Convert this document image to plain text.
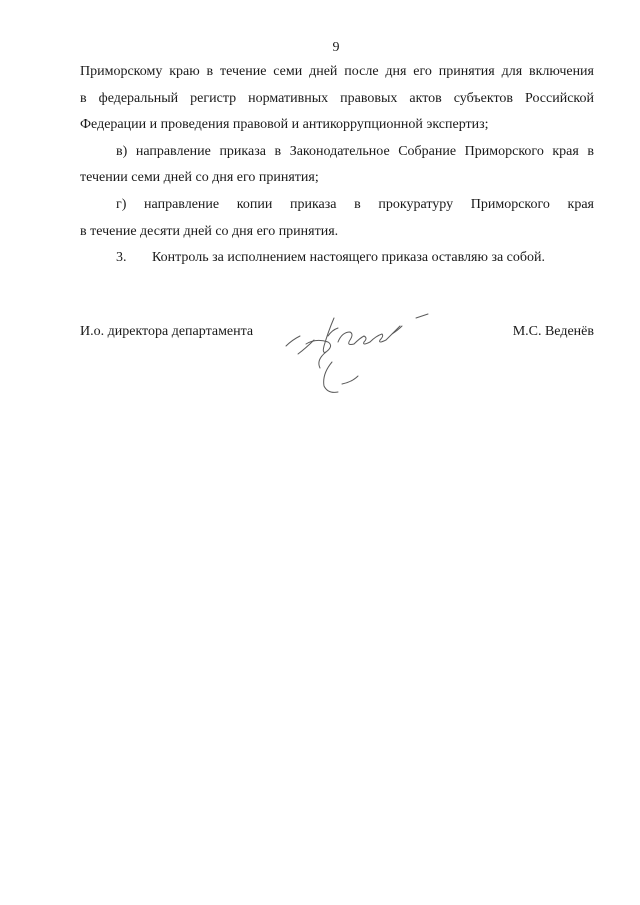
9

Приморскому краю в течение семи дней после дня его принятия для включения
в федеральный регистр нормативных правовых актов субъектов Российской
Федерации и проведения правовой и антикоррупционной экспертиз;

в) направление приказа в Законодательное Собрание Приморского края в
течении семи дней со дня его принятия;

г) направление копии приказа в прокуратуру Приморского края
в течение десяти дней со дня его принятия.

3. Контроль за исполнением настоящего приказа оставляю за собой.

И.о. директора департамента	М.С. Веденёв
